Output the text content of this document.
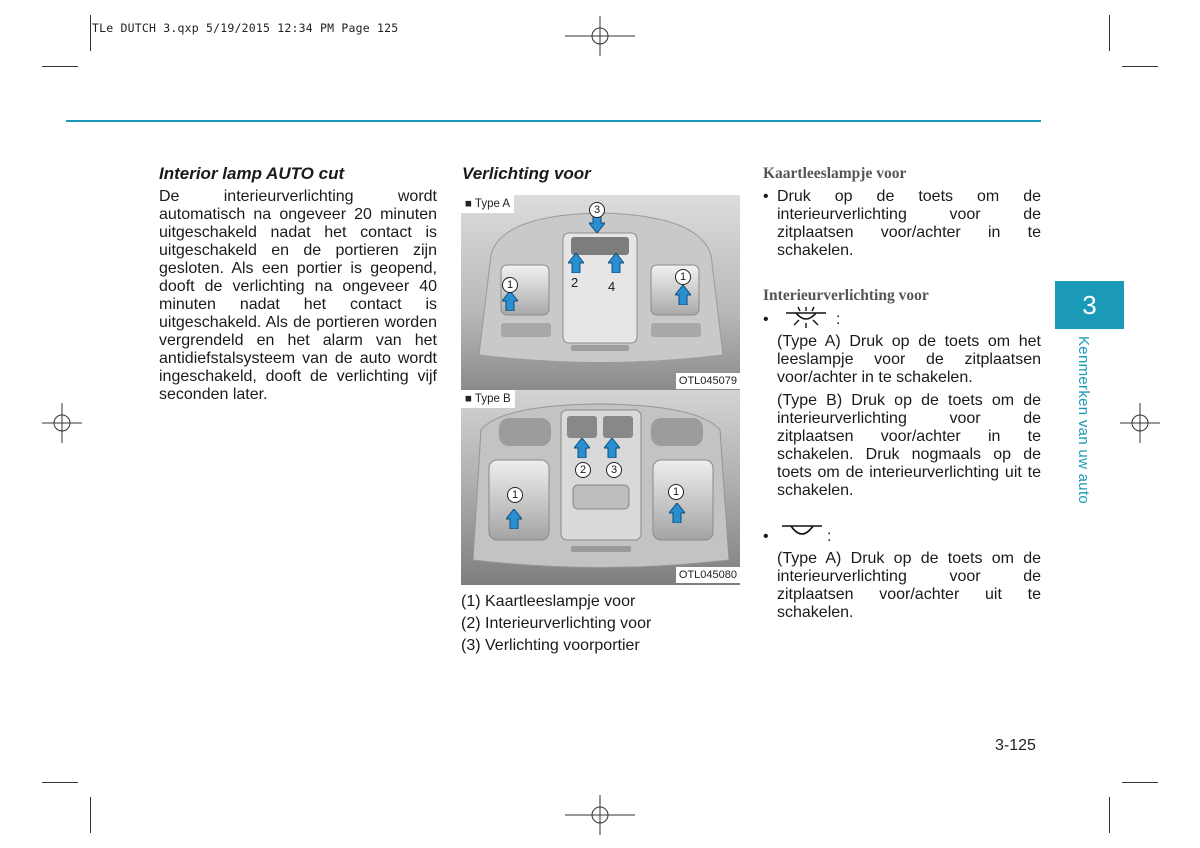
TLe DUTCH 3.qxp 5/19/2015 12:34 PM Page 125
Interior lamp AUTO cut
De interieurverlichting wordt automatisch na ongeveer 20 minuten uitgeschakeld nadat het contact is uitgeschakeld en de portieren zijn gesloten. Als een portier is geopend, dooft de verlichting na ongeveer 40 minuten nadat het contact is uitgeschakeld. Als de portieren worden vergrendeld en het alarm van het antidiefstalsysteem van de auto wordt ingeschakeld, dooft de verlichting vijf seconden later.
Verlichting voor
■ Type A
OTL045079
3
2 4
1
1
■ Type B
OTL045080
2	3
1	1
(1) Kaartleeslampje voor
(2) Interieurverlichting voor
(3) Verlichting voorportier
Kaartleeslampje voor
• Druk op de toets om de interieurverlichting voor de zitplaatsen voor/achter in te schakelen.
Interieurverlichting voor
•	:
(Type A) Druk op de toets om het leeslampje voor de zitplaatsen voor/achter in te schakelen.
(Type B) Druk op de toets om de interieurverlichting voor de zitplaatsen voor/achter in te schakelen. Druk nogmaals op de toets om de interieurverlichting uit te schakelen.
•	:
(Type A) Druk op de toets om de interieurverlichting voor de zitplaatsen voor/achter uit te schakelen.
3
Kenmerken van uw auto
3-125
